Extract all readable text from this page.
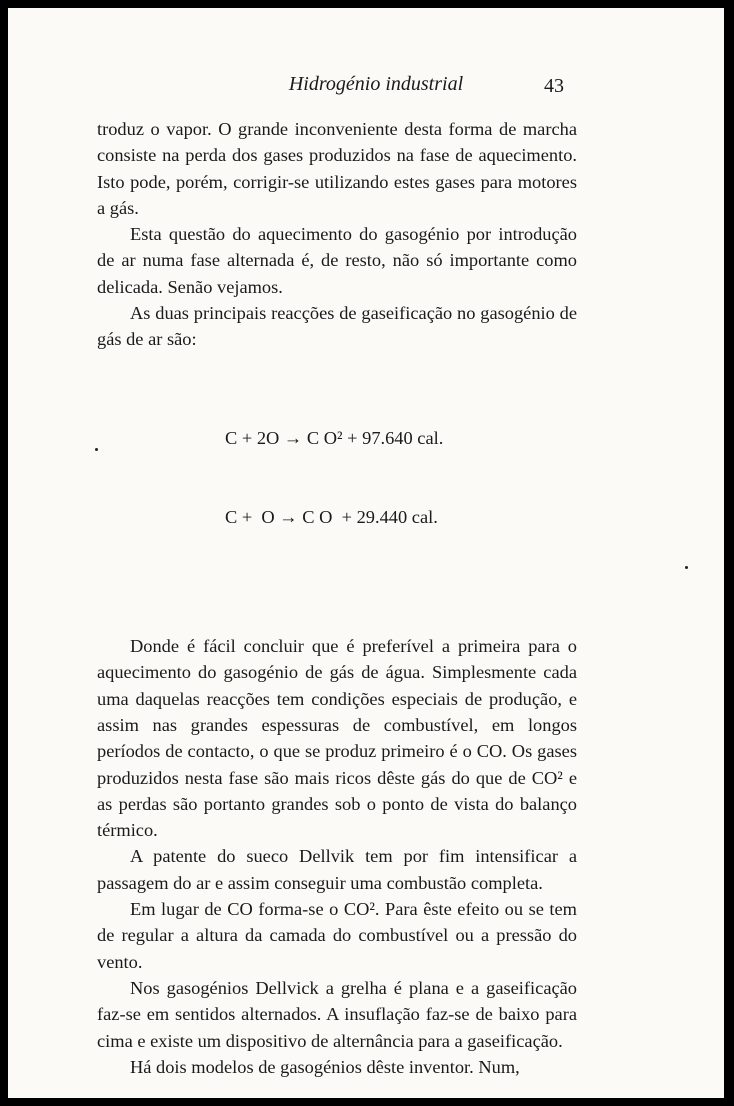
Hidrogénio industrial	43

troduz o vapor. O grande inconveniente desta forma de marcha consiste na perda dos gases produzidos na fase de aquecimento. Isto pode, porém, corrigir-se utilizando estes gases para motores a gás.

Esta questão do aquecimento do gasogénio por introdução de ar numa fase alternada é, de resto, não só importante como delicada. Senão vejamos.

As duas principais reacções de gaseificação no gasogénio de gás de ar são:

C + 2O → C O² + 97.640 cal.

C +  O → C O  + 29.440 cal.

Donde é fácil concluir que é preferível a primeira para o aquecimento do gasogénio de gás de água. Simplesmente cada uma daquelas reacções tem condições especiais de produção, e assim nas grandes espessuras de combustível, em longos períodos de contacto, o que se produz primeiro é o CO. Os gases produzidos nesta fase são mais ricos dêste gás do que de CO² e as perdas são portanto grandes sob o ponto de vista do balanço térmico.

A patente do sueco Dellvik tem por fim intensificar a passagem do ar e assim conseguir uma combustão completa.

Em lugar de CO forma-se o CO². Para êste efeito ou se tem de regular a altura da camada do combustível ou a pressão do vento.

Nos gasogénios Dellvick a grelha é plana e a gaseificação faz-se em sentidos alternados. A insuflação faz-se de baixo para cima e existe um dispositivo de alternância para a gaseificação.

Há dois modelos de gasogénios dêste inventor. Num,
